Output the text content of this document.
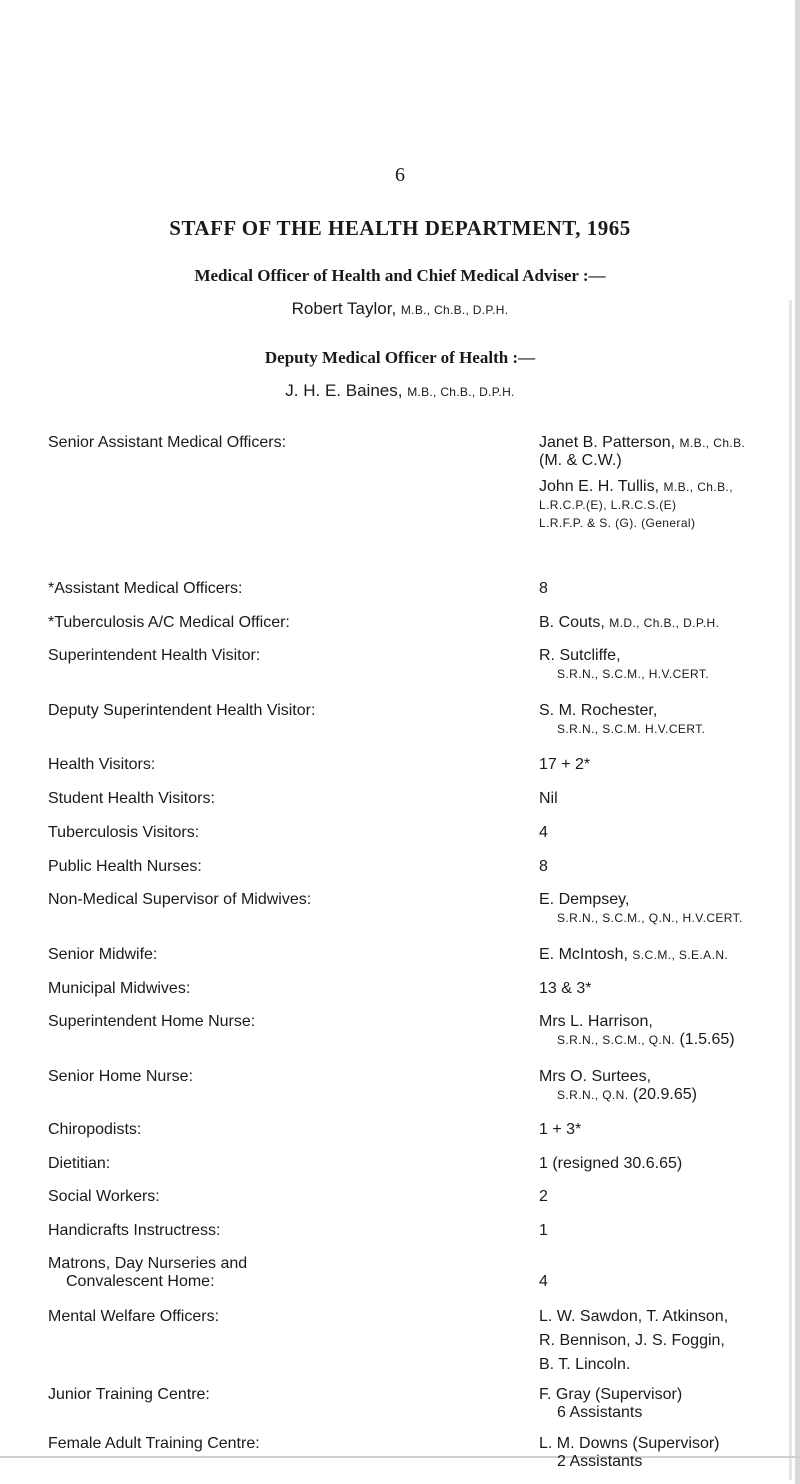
6
STAFF OF THE HEALTH DEPARTMENT, 1965
Medical Officer of Health and Chief Medical Adviser :—
Robert Taylor, M.B., Ch.B., D.P.H.
Deputy Medical Officer of Health :—
J. H. E. Baines, M.B., Ch.B., D.P.H.
Senior Assistant Medical Officers:	Janet B. Patterson, M.B., Ch.B.
(M. & C.W.)
John E. H. Tullis, M.B., Ch.B.,
L.R.C.P.(E), L.R.C.S.(E)
L.R.F.P. & S. (G). (General)
*Assistant Medical Officers:	8
*Tuberculosis A/C Medical Officer:	B. Couts, M.D., Ch.B., D.P.H.
Superintendent Health Visitor:	R. Sutcliffe,
S.R.N., S.C.M., H.V.CERT.
Deputy Superintendent Health Visitor:	S. M. Rochester,
S.R.N., S.C.M. H.V.CERT.
Health Visitors:	17 + 2*
Student Health Visitors:	Nil
Tuberculosis Visitors:	4
Public Health Nurses:	8
Non-Medical Supervisor of Midwives:	E. Dempsey,
S.R.N., S.C.M., Q.N., H.V.CERT.
Senior Midwife:	E. McIntosh, S.C.M., S.E.A.N.
Municipal Midwives:	13 & 3*
Superintendent Home Nurse:	Mrs L. Harrison,
S.R.N., S.C.M., Q.N. (1.5.65)
Senior Home Nurse:	Mrs O. Surtees,
S.R.N., Q.N. (20.9.65)
Chiropodists:	1 + 3*
Dietitian:	1 (resigned 30.6.65)
Social Workers:	2
Handicrafts Instructress:	1
Matrons, Day Nurseries and
Convalescent Home:	4
Mental Welfare Officers:	L. W. Sawdon, T. Atkinson,
R. Bennison, J. S. Foggin,
B. T. Lincoln.
Junior Training Centre:	F. Gray (Supervisor)
6 Assistants
Female Adult Training Centre:	L. M. Downs (Supervisor)
2 Assistants
